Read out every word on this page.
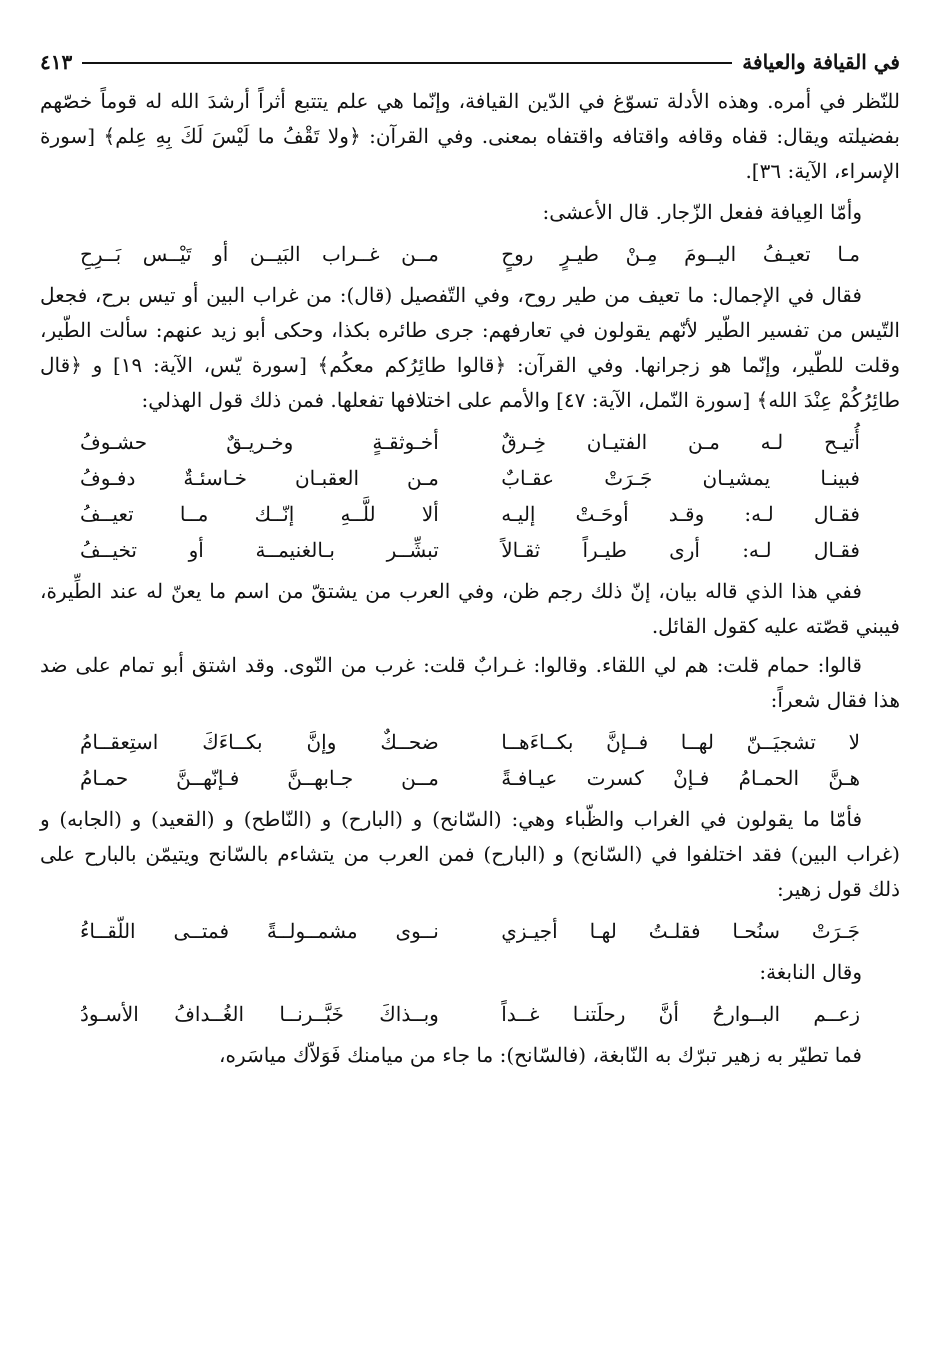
في القيافة والعيافة
٤١٣

للنّظر في أمره. وهذه الأدلة تسوّغ في الدّين القيافة، وإنّما هي علم يتتبع أثراً أرشدَ الله له قوماً خصّهم بفضيلته ويقال: قفاه وقافه واقتافه واقتفاه بمعنى. وفي القرآن: ﴿ولا تَقْفُ ما لَيْسَ لَكَ بِهِ عِلم﴾ [سورة الإسراء، الآية: ٣٦].

وأمّا العِيافة ففعل الزّجار. قال الأعشى:

مـا تعيـفُ اليــومَ مِـنْ طيـرٍ روحٍ
مــن غــراب البَيــن أو تَيْــس بَــرِحِ

فقال في الإجمال: ما تعيف من طير روح، وفي التّفصيل (قال): من غراب البين أو تيس برح، فجعل التّيس من تفسير الطّير لأنّهم يقولون في تعارفهم: جرى طائره بكذا، وحكى أبو زيد عنهم: سألت الطّير، وقلت للطّير، وإنّما هو زجرانها. وفي القرآن: ﴿قالوا طائِرُكم معكُم﴾ [سورة يّس، الآية: ١٩] و ﴿قال طائِرُكُمْ عِنْدَ الله﴾ [سورة النّمل، الآية: ٤٧] والأمم على اختلافها تفعلها. فمن ذلك قول الهذلي:

أُتيـح لـه مـن الفتيـان خِـرقٌ
أخـوثقـةٍ وخـريـقٌ حشـوفُ
فبينـا يمشيـان جَـرَتْ عقـابٌ
مـن العقبـان خـاسئـةٌ دفـوفُ
فقـال لـه: وقـد أوحَـتْ إليـه
ألا للَّــهِ إنّــك مــا تعيــفُ
فقـال لـه: أرى طيـراً ثقـالاً
تبشِّــر بـالغنيمــة أو تخيــفُ

ففي هذا الذي قاله بيان، إنّ ذلك رجم ظن، وفي العرب من يشتقّ من اسم ما يعنّ له عند الطِّيرة، فيبني قصّته عليه كقول القائل.

قالوا: حمام قلت: هم لي اللقاء. وقالوا: غـرابٌ قلت: غرب من النّوى. وقد اشتق أبو تمام على ضد هذا فقال شعراً:

لا تشجيَــنّ لهــا فــإنَّ بكــاءَهــا
ضحــكٌ وإنَّ بكــاءَكَ استِعقــامُ
هـنَّ الحمـامُ فـإنْ كسرت عيـافـةً
مــن جـابهــنَّ فـإنّهــنَّ حمـامُ

فأمّا ما يقولون في الغراب والظّباء وهي: (السّانح) و (البارح) و (النّاطح) و (القعيد) و (الجابه) و (غراب البين) فقد اختلفوا في (السّانح) و (البارح) فمن العرب من يتشاءم بالسّانح ويتيمّن بالبارح على ذلك قول زهير:

جَـرَتْ سنُحـا فقلـتُ لهـا أجيـزي
نــوى مشمــولــةً فمتــى اللّقــاءُ

وقال النابغة:

زعــم البــوارحُ أنَّ رحلَتنـا غــداً
وبــذاكَ خَبَّــرنــا الغُــدافُ الأسـودُ

فما تطيّر به زهير تبرّك به النّابغة، (فالسّانح): ما جاء من ميامنك فَوَلاّك مياسَره،
